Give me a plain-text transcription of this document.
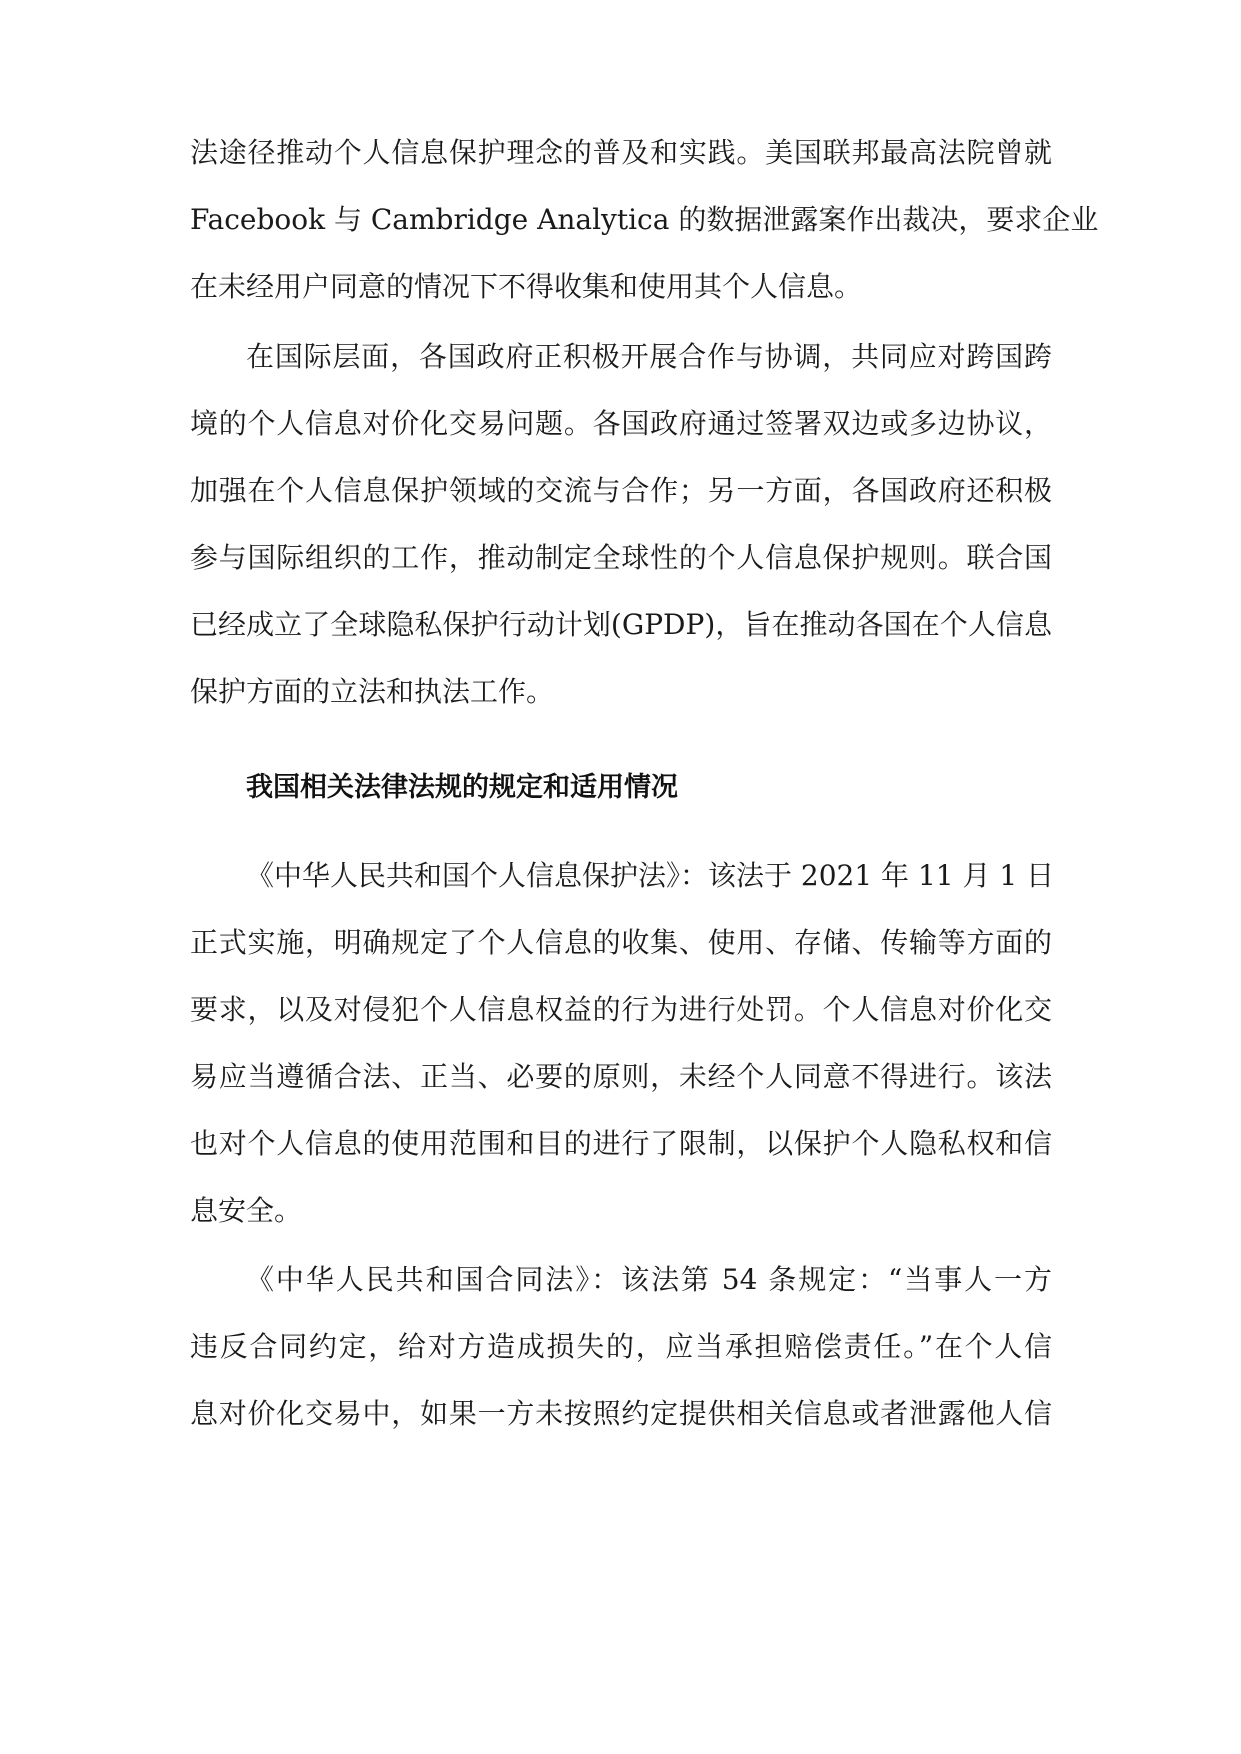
法途径推动个人信息保护理念的普及和实践。美国联邦最高法院曾就
Facebook 与 Cambridge Analytica 的数据泄露案作出裁决，要求企业
在未经用户同意的情况下不得收集和使用其个人信息。
在国际层面，各国政府正积极开展合作与协调，共同应对跨国跨
境的个人信息对价化交易问题。各国政府通过签署双边或多边协议，
加强在个人信息保护领域的交流与合作；另一方面，各国政府还积极
参与国际组织的工作，推动制定全球性的个人信息保护规则。联合国
已经成立了全球隐私保护行动计划(GPDP)，旨在推动各国在个人信息
保护方面的立法和执法工作。
《中华人民共和国个人信息保护法》：该法于 2021 年 11 月 1 日
正式实施，明确规定了个人信息的收集、使用、存储、传输等方面的
要求，以及对侵犯个人信息权益的行为进行处罚。个人信息对价化交
易应当遵循合法、正当、必要的原则，未经个人同意不得进行。该法
也对个人信息的使用范围和目的进行了限制，以保护个人隐私权和信
息安全。
《中华人民共和国合同法》：该法第 54 条规定：“当事人一方
违反合同约定，给对方造成损失的，应当承担赔偿责任。”在个人信
息对价化交易中，如果一方未按照约定提供相关信息或者泄露他人信
我国相关法律法规的规定和适用情况
